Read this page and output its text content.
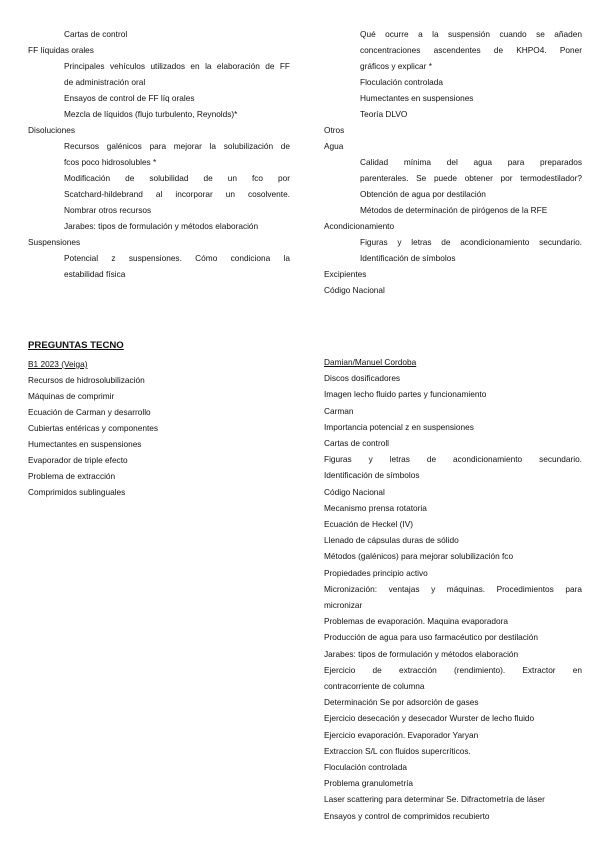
Cartas de control
FF líquidas orales
Principales vehículos utilizados en la elaboración de FF
de administración oral
Ensayos de control de FF líq orales
Mezcla de líquidos (flujo turbulento, Reynolds)*
Disoluciones
Recursos galénicos para mejorar la solubilización de
fcos poco hidrosolubles *
Modificación de solubilidad de un fco por
Scatchard-hildebrand al incorporar un cosolvente.
Nombrar otros recursos
Jarabes: tipos de formulación y métodos elaboración
Suspensiones
Potencial z suspensiones. Cómo condiciona la
estabilidad física
Qué ocurre a la suspensión cuando se añaden
concentraciones ascendentes de KHPO4. Poner
gráficos y explicar *
Floculación controlada
Humectantes en suspensiones
Teoría DLVO
Otros
Agua
Calidad mínima del agua para preparados
parenterales. Se puede obtener por termodestilador?
Obtención de agua por destilación
Métodos de determinación de pirógenos de la RFE
Acondicionamiento
Figuras y letras de acondicionamiento secundario.
Identificación de símbolos
Excipientes
Código Nacional
PREGUNTAS TECNO
B1 2023 (Veiga)
Recursos de hidrosolubilización
Máquinas de comprimir
Ecuación de Carman y desarrollo
Cubiertas entéricas y componentes
Humectantes en suspensiones
Evaporador de triple efecto
Problema de extracción
Comprimidos sublinguales
Damian/Manuel Cordoba
Discos dosificadores
Imagen lecho fluido partes y funcionamiento
Carman
Importancia potencial z en suspensiones
Cartas de controll
Figuras y letras de acondicionamiento secundario.
Identificación de símbolos
Código Nacional
Mecanismo prensa rotatoria
Ecuación de Heckel (IV)
Llenado de cápsulas duras de sólido
Métodos (galénicos) para mejorar solubilización fco
Propiedades principio activo
Micronización: ventajas y máquinas. Procedimientos para
micronizar
Problemas de evaporación. Maquina evaporadora
Producción de agua para uso farmacéutico por destilación
Jarabes: tipos de formulación y métodos elaboración
Ejercicio de extracción (rendimiento). Extractor en
contracorriente de columna
Determinación Se por adsorción de gases
Ejercicio desecación y desecador Wurster de lecho fluido
Ejercicio evaporación. Evaporador Yaryan
Extraccion S/L con fluidos supercríticos.
Floculación controlada
Problema granulometría
Laser scattering para determinar Se. Difractometría de láser
Ensayos y control de comprimidos recubierto
